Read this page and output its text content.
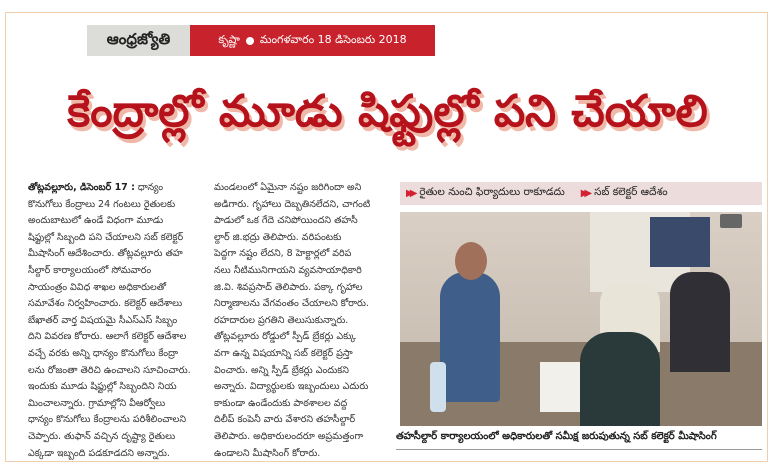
ఆంధ్రజ్యోతి	కృష్ణా మంగళవారం 18 డిసెంబరు 2018
కేంద్రాల్లో మూడు షిఫ్టుల్లో పని చేయాలి
తోట్లవల్లూరు, డిసెంబర్ 17 : ధాన్యం
కొనుగోలు కేంద్రాలు 24 గంటలు రైతులకు
అందుబాటులో ఉండే విధంగా మూడు
షిఫ్టుల్లో సిబ్బంది పని చేయాలని సబ్ కలెక్టర్
మీషాసింగ్ ఆదేశించారు. తోట్లవల్లూరు తహ
సీల్దార్ కార్యాలయంలో సోమవారం
సాయంత్రం వివిధ శాఖల అధికారులతో
సమావేశం నిర్వహించారు. కలెక్టర్ ఆదేశాలు
బేఖాతర్ వార్త విషయమై సీఎస్‌ఎస్ సిబ్బం
దిని వివరణ కోరారు. ఆలాగే కలెక్టర్ ఆదేశాల
వచ్చే వరకు అన్ని ధాన్యం కొనుగోలు కేంద్రా
లను రోజంతా తెరిచి ఉంచాలని సూచించారు.
ఇందుకు మూడు షిఫ్టుల్లో సిబ్బందిని నియ
మించాలన్నారు. గ్రామాల్లోని వీఆర్వోలు
ధాన్యం కొనుగోలు కేంద్రాలను పరిశీలించాలని
చెప్పారు. తుఫాన్ వచ్చిన దృష్ట్యా రైతులు
ఎక్కడా ఇబ్బంది పడకూడదని అన్నారు.
మండలంలో ఏమైనా నష్టం జరిగిందా అని
అడిగారు. గృహాలు దెబ్బతినలేదని, చాగంటి
పాడులో ఒక గేదె చనిపోయిందని తహసీ
ల్దార్ జి.భద్రు తెలిపారు. వరిపంటకు
పెద్దగా నష్టం లేదని, 8 హెక్టార్లలో వరిప
నలు నీటిమునిగాయని వ్యవసాయాధికారి
జి.వి. శివప్రసాద్ తెలిపారు. పక్కా గృహాల
నిర్మాణాలను వేగవంతం చేయాలని కోరారు.
రహదారుల ప్రగతిని తెలుసుకున్నారు.
తోట్లవల్లూరు రోడ్డులో స్పీడ్ బ్రేకర్లు ఎక్కు
వగా ఉన్న విషయాన్ని సబ్ కలెక్టర్ ప్రస్తా
వించారు. అన్ని స్పీడ్ బ్రేకర్లు ఎందుకని
అన్నారు. విద్యార్థులకు ఇబ్బందులు ఎదురు
కాకుండా ఉండేందుకు పాఠశాలల వద్ద
దిలీప్ కంపెనీ వారు వేశారని తహసీల్దార్
తెలిపారు. అధికారులందరూ అప్రమత్తంగా
ఉండాలని మీషాసింగ్ కోరారు.
▶▶ రైతుల నుంచి ఫిర్యాదులు రాకూడదు ▶▶ సబ్ కలెక్టర్ ఆదేశం
తహసీల్దార్ కార్యాలయంలో అధికారులతో సమీక్ష జరుపుతున్న సబ్ కలెక్టర్ మీషాసింగ్
